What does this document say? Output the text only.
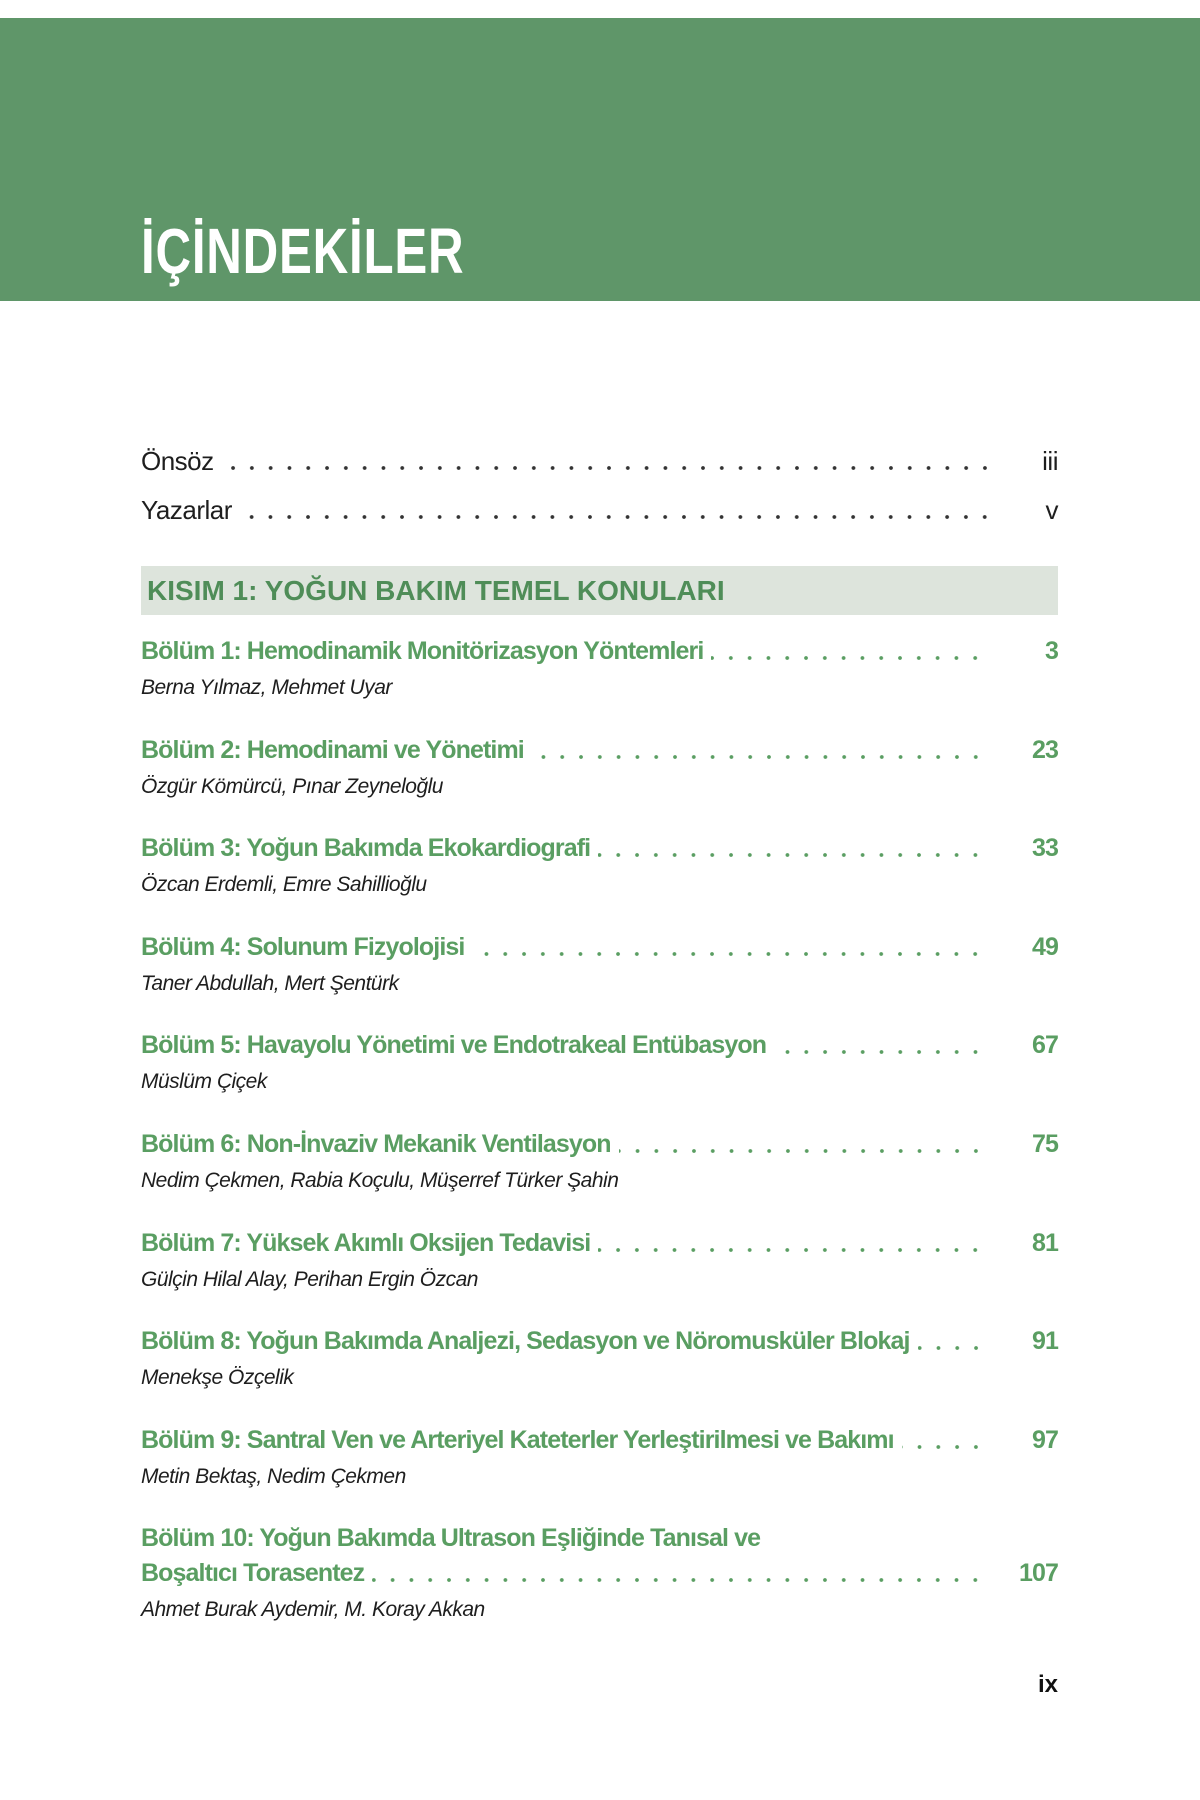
İÇİNDEKİLER
Önsöz	iii
Yazarlar	v
KISIM 1: YOĞUN BAKIM TEMEL KONULARI
Bölüm 1: Hemodinamik Monitörizasyon Yöntemleri	3
Berna Yılmaz, Mehmet Uyar
Bölüm 2: Hemodinami ve Yönetimi	23
Özgür Kömürcü, Pınar Zeyneloğlu
Bölüm 3: Yoğun Bakımda Ekokardiografi	33
Özcan Erdemli, Emre Sahillioğlu
Bölüm 4: Solunum Fizyolojisi	49
Taner Abdullah, Mert Şentürk
Bölüm 5: Havayolu Yönetimi ve Endotrakeal Entübasyon	67
Müslüm Çiçek
Bölüm 6: Non-İnvaziv Mekanik Ventilasyon	75
Nedim Çekmen, Rabia Koçulu, Müşerref Türker Şahin
Bölüm 7: Yüksek Akımlı Oksijen Tedavisi	81
Gülçin Hilal Alay, Perihan Ergin Özcan
Bölüm 8: Yoğun Bakımda Analjezi, Sedasyon ve Nöromusküler Blokaj	91
Menekşe Özçelik
Bölüm 9: Santral Ven ve Arteriyel Kateterler Yerleştirilmesi ve Bakımı	97
Metin Bektaş, Nedim Çekmen
Bölüm 10: Yoğun Bakımda Ultrason Eşliğinde Tanısal ve
Boşaltıcı Torasentez	107
Ahmet Burak Aydemir, M. Koray Akkan
ix
